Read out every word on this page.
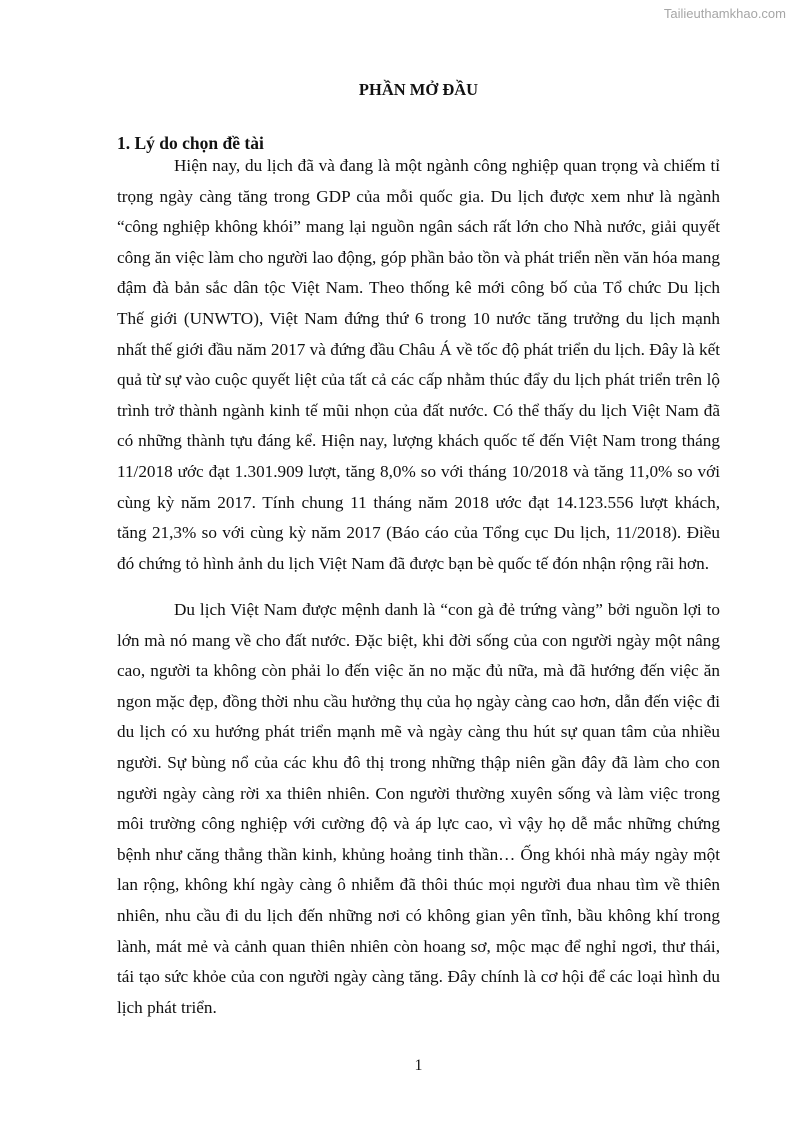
Tailieuthamkhao.com
PHẦN MỞ ĐẦU
1. Lý do chọn đề tài

Hiện nay, du lịch đã và đang là một ngành công nghiệp quan trọng và chiếm tỉ trọng ngày càng tăng trong GDP của mỗi quốc gia. Du lịch được xem như là ngành “công nghiệp không khói” mang lại nguồn ngân sách rất lớn cho Nhà nước, giải quyết công ăn việc làm cho người lao động, góp phần bảo tồn và phát triển nền văn hóa mang đậm đà bản sắc dân tộc Việt Nam. Theo thống kê mới công bố của Tổ chức Du lịch Thế giới (UNWTO), Việt Nam đứng thứ 6 trong 10 nước tăng trưởng du lịch mạnh nhất thế giới đầu năm 2017 và đứng đầu Châu Á về tốc độ phát triển du lịch. Đây là kết quả từ sự vào cuộc quyết liệt của tất cả các cấp nhằm thúc đẩy du lịch phát triển trên lộ trình trở thành ngành kinh tế mũi nhọn của đất nước. Có thể thấy du lịch Việt Nam đã có những thành tựu đáng kể. Hiện nay, lượng khách quốc tế đến Việt Nam trong tháng 11/2018 ước đạt 1.301.909 lượt, tăng 8,0% so với tháng 10/2018 và tăng 11,0% so với cùng kỳ năm 2017. Tính chung 11 tháng năm 2018 ước đạt 14.123.556 lượt khách, tăng 21,3% so với cùng kỳ năm 2017 (Báo cáo của Tổng cục Du lịch, 11/2018). Điều đó chứng tỏ hình ảnh du lịch Việt Nam đã được bạn bè quốc tế đón nhận rộng rãi hơn.

Du lịch Việt Nam được mệnh danh là “con gà đẻ trứng vàng” bởi nguồn lợi to lớn mà nó mang về cho đất nước. Đặc biệt, khi đời sống của con người ngày một nâng cao, người ta không còn phải lo đến việc ăn no mặc đủ nữa, mà đã hướng đến việc ăn ngon mặc đẹp, đồng thời nhu cầu hưởng thụ của họ ngày càng cao hơn, dẫn đến việc đi du lịch có xu hướng phát triển mạnh mẽ và ngày càng thu hút sự quan tâm của nhiều người. Sự bùng nổ của các khu đô thị trong những thập niên gần đây đã làm cho con người ngày càng rời xa thiên nhiên. Con người thường xuyên sống và làm việc trong môi trường công nghiệp với cường độ và áp lực cao, vì vậy họ dễ mắc những chứng bệnh như căng thẳng thần kinh, khủng hoảng tinh thần… Ống khói nhà máy ngày một lan rộng, không khí ngày càng ô nhiễm đã thôi thúc mọi người đua nhau tìm về thiên nhiên, nhu cầu đi du lịch đến những nơi có không gian yên tĩnh, bầu không khí trong lành, mát mẻ và cảnh quan thiên nhiên còn hoang sơ, mộc mạc để nghỉ ngơi, thư thái, tái tạo sức khỏe của con người ngày càng tăng. Đây chính là cơ hội để các loại hình du lịch phát triển.

1
